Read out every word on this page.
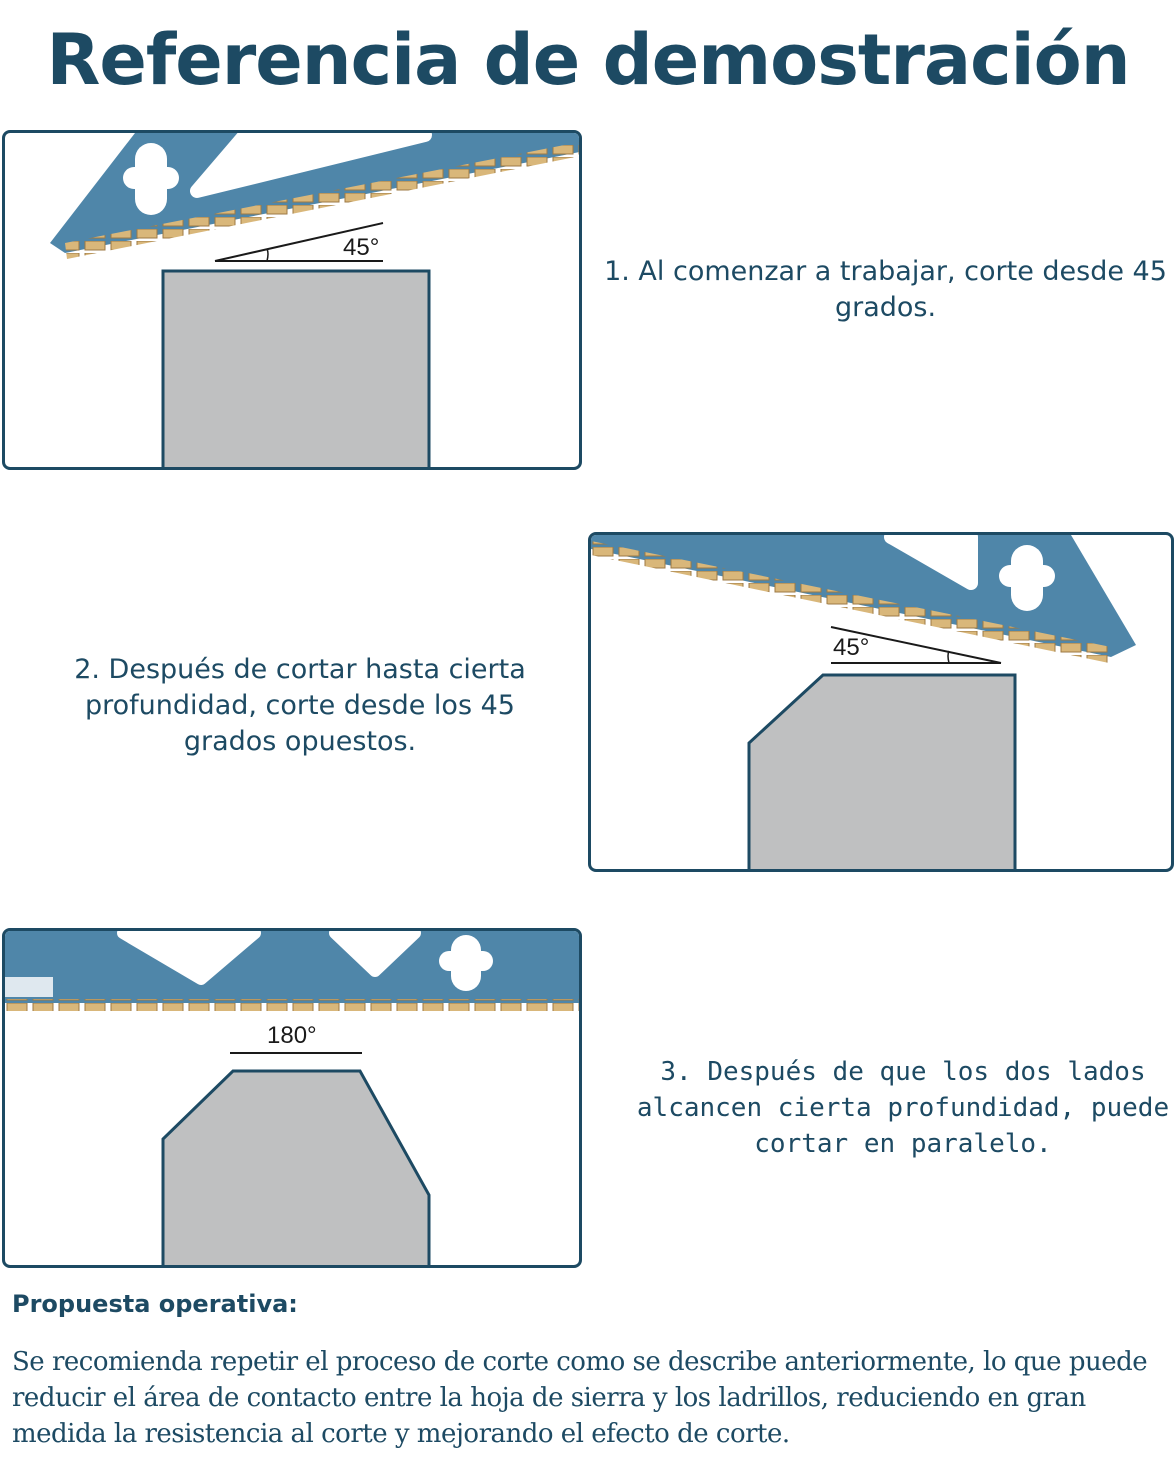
Referencia de demostración
45°
1. Al comenzar a trabajar, corte desde 45 grados.
45°
2. Después de cortar hasta cierta profundidad, corte desde los 45 grados opuestos.
180°
3. Después de que los dos lados alcancen cierta profundidad, puede cortar en paralelo.
Propuesta operativa:

Se recomienda repetir el proceso de corte como se describe anteriormente, lo que puede reducir el área de contacto entre la hoja de sierra y los ladrillos, reduciendo en gran medida la resistencia al corte y mejorando el efecto de corte.
